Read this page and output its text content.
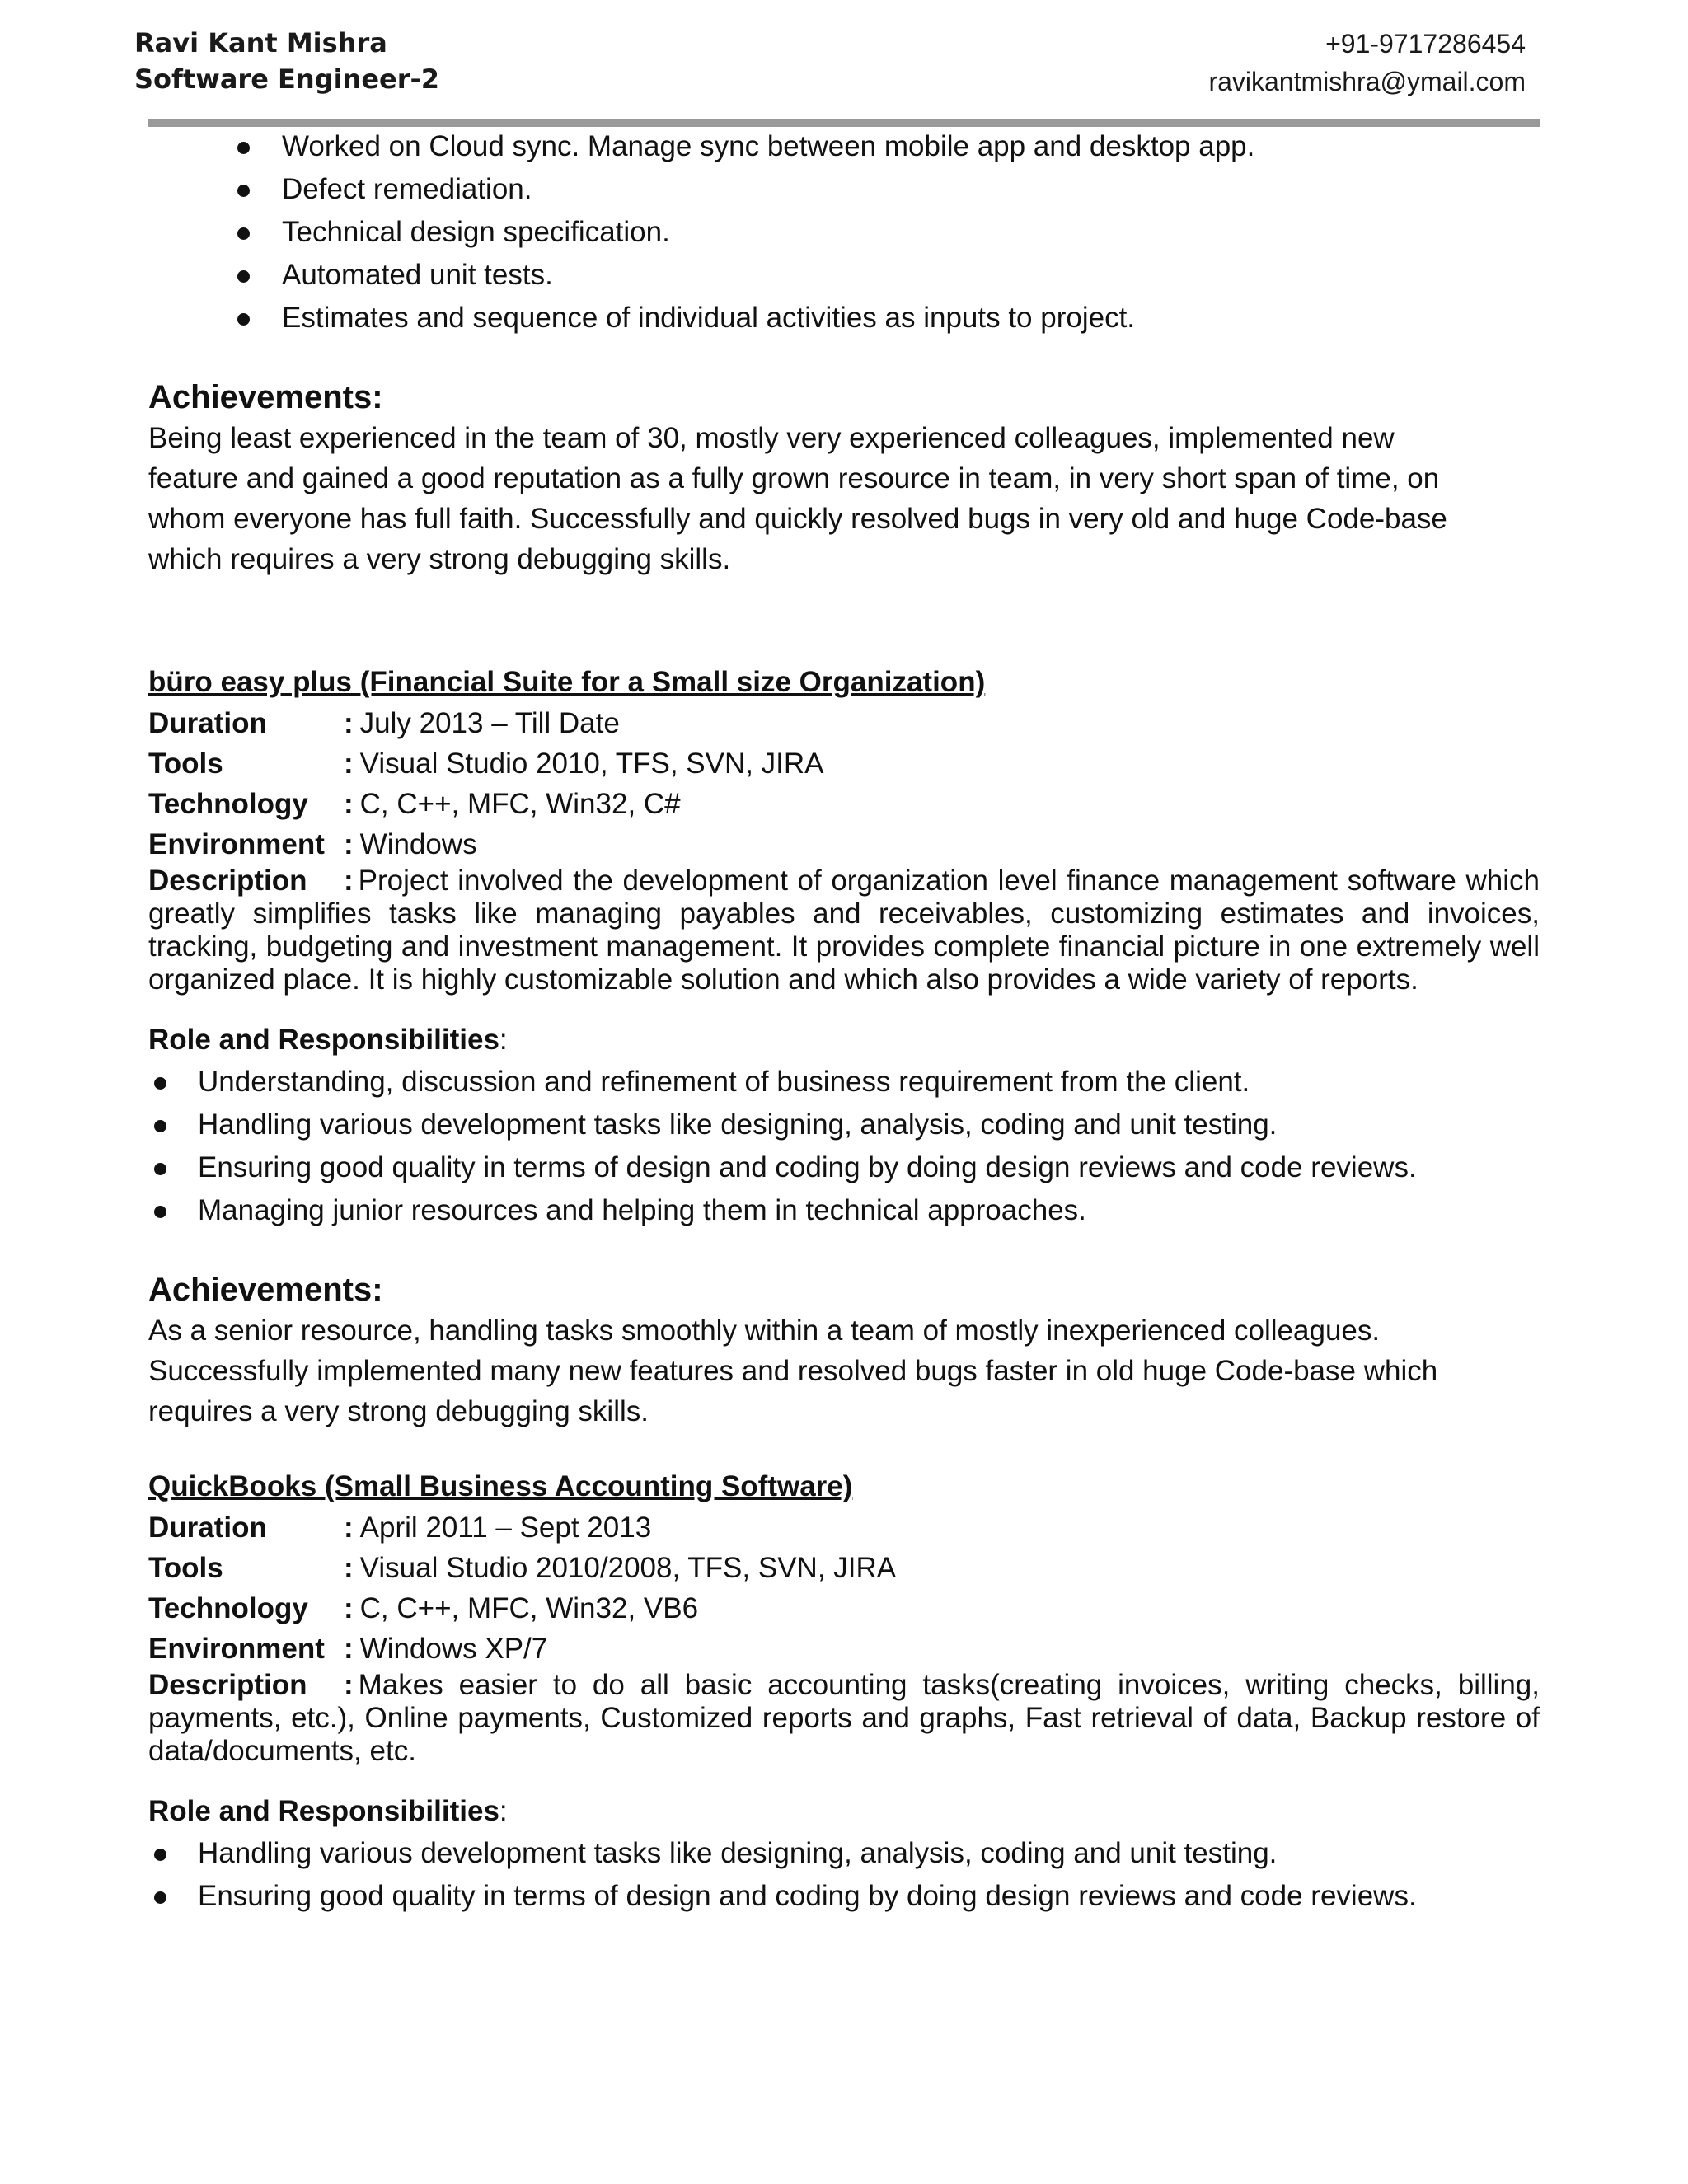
Ravi Kant Mishra
Software Engineer-2
+91-9717286454
ravikantmishra@ymail.com
Worked on Cloud sync. Manage sync between mobile app and desktop app.
Defect remediation.
Technical design specification.
Automated unit tests.
Estimates and sequence of individual activities as inputs to project.
Achievements:
Being least experienced in the team of 30, mostly very experienced colleagues, implemented new
feature and gained a good reputation as a fully grown resource in team, in very short span of time, on
whom everyone has full faith. Successfully and quickly resolved bugs in very old and huge Code-base
which requires a very strong debugging skills.
büro easy plus (Financial Suite for a Small size Organization)
Duration	: July 2013 – Till Date
Tools	: Visual Studio 2010, TFS, SVN, JIRA
Technology	: C, C++, MFC, Win32, C#
Environment : Windows
Description : Project involved the development of organization level finance management software which greatly simplifies tasks like managing payables and receivables, customizing estimates and invoices, tracking, budgeting and investment management. It provides complete financial picture in one extremely well organized place. It is highly customizable solution and which also provides a wide variety of reports.
Role and Responsibilities:
Understanding, discussion and refinement of business requirement from the client.
Handling various development tasks like designing, analysis, coding and unit testing.
Ensuring good quality in terms of design and coding by doing design reviews and code reviews.
Managing junior resources and helping them in technical approaches.
Achievements:
As a senior resource, handling tasks smoothly within a team of mostly inexperienced colleagues.
Successfully implemented many new features and resolved bugs faster in old huge Code-base which
requires a very strong debugging skills.
QuickBooks (Small Business Accounting Software)
Duration	: April 2011 – Sept 2013
Tools	: Visual Studio 2010/2008, TFS, SVN, JIRA
Technology	: C, C++, MFC, Win32, VB6
Environment : Windows XP/7
Description : Makes easier to do all basic accounting tasks(creating invoices, writing checks, billing, payments, etc.), Online payments, Customized reports and graphs, Fast retrieval of data, Backup restore of data/documents, etc.
Role and Responsibilities:
Handling various development tasks like designing, analysis, coding and unit testing.
Ensuring good quality in terms of design and coding by doing design reviews and code reviews.
